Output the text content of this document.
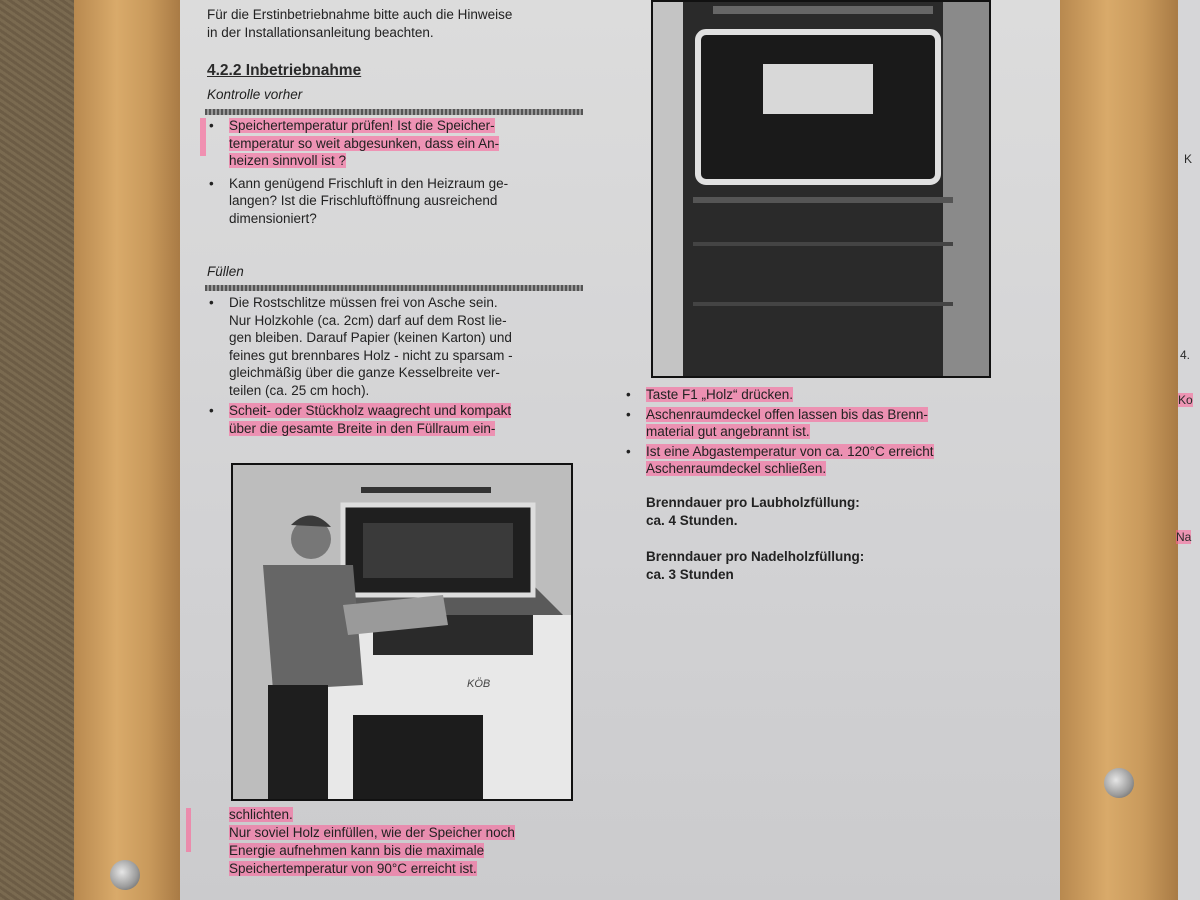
K
4.
Ko
Na
Für die Erstinbetriebnahme bitte auch die Hinweise
in der Installationsanleitung beachten.
4.2.2 Inbetriebnahme
Kontrolle vorher
• Speichertemperatur prüfen! Ist die Speicher-
temperatur so weit abgesunken, dass ein An-
heizen sinnvoll ist ?
• Kann genügend Frischluft in den Heizraum ge-
langen? Ist die Frischluftöffnung ausreichend
dimensioniert?
Füllen
• Die Rostschlitze müssen frei von Asche sein.
Nur Holzkohle (ca. 2cm) darf auf dem Rost lie-
gen bleiben. Darauf Papier (keinen Karton) und
feines gut brennbares Holz - nicht zu sparsam -
gleichmäßig über die ganze Kesselbreite ver-
teilen (ca. 25 cm hoch).
• Scheit- oder Stückholz waagrecht und kompakt
über die gesamte Breite in den Füllraum ein-
KÖB
schlichten.
Nur soviel Holz einfüllen, wie der Speicher noch
Energie aufnehmen kann bis die maximale
Speichertemperatur von 90°C erreicht ist.
• Taste F1 „Holz“ drücken.
• Aschenraumdeckel offen lassen bis das Brenn-
material gut angebrannt ist.
• Ist eine Abgastemperatur von ca. 120°C erreicht
Aschenraumdeckel schließen.
Brenndauer pro Laubholzfüllung:
ca. 4 Stunden.
Brenndauer pro Nadelholzfüllung:
ca. 3 Stunden
